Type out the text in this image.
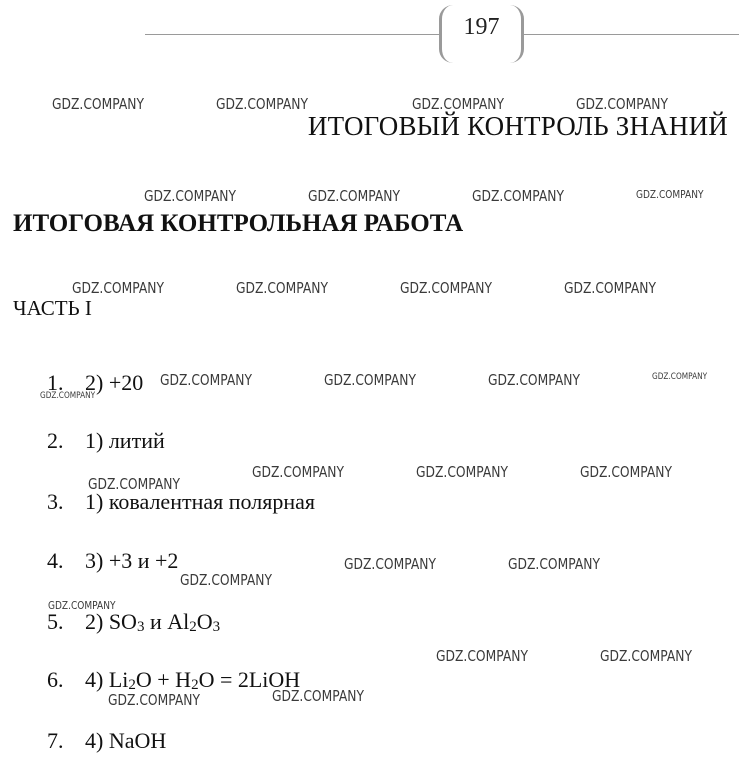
197
ИТОГОВЫЙ КОНТРОЛЬ ЗНАНИЙ
ИТОГОВАЯ КОНТРОЛЬНАЯ РАБОТА
ЧАСТЬ I
1. 2) +20
2. 1) литий
3. 1) ковалентная полярная
4. 3) +3 и +2
5. 2) $SO_3$ и $Al_2O_3$
6. 4) $Li_2O + H_2O$ = 2LiOH
7. 4) NaOH
GDZ.COMPANY	GDZ.COMPANY	GDZ.COMPANY	GDZ.COMPANY
GDZ.COMPANY	GDZ.COMPANY	GDZ.COMPANY	GDZ.COMPANY
GDZ.COMPANY	GDZ.COMPANY	GDZ.COMPANY	GDZ.COMPANY
GDZ.COMPANY	GDZ.COMPANY	GDZ.COMPANY	GDZ.COMPANY
GDZ.COMPANY
GDZ.COMPANY	GDZ.COMPANY	GDZ.COMPANY
GDZ.COMPANY
GDZ.COMPANY	GDZ.COMPANY
GDZ.COMPANY
GDZ.COMPANY
GDZ.COMPANY	GDZ.COMPANY
GDZ.COMPANY
GDZ.COMPANY
